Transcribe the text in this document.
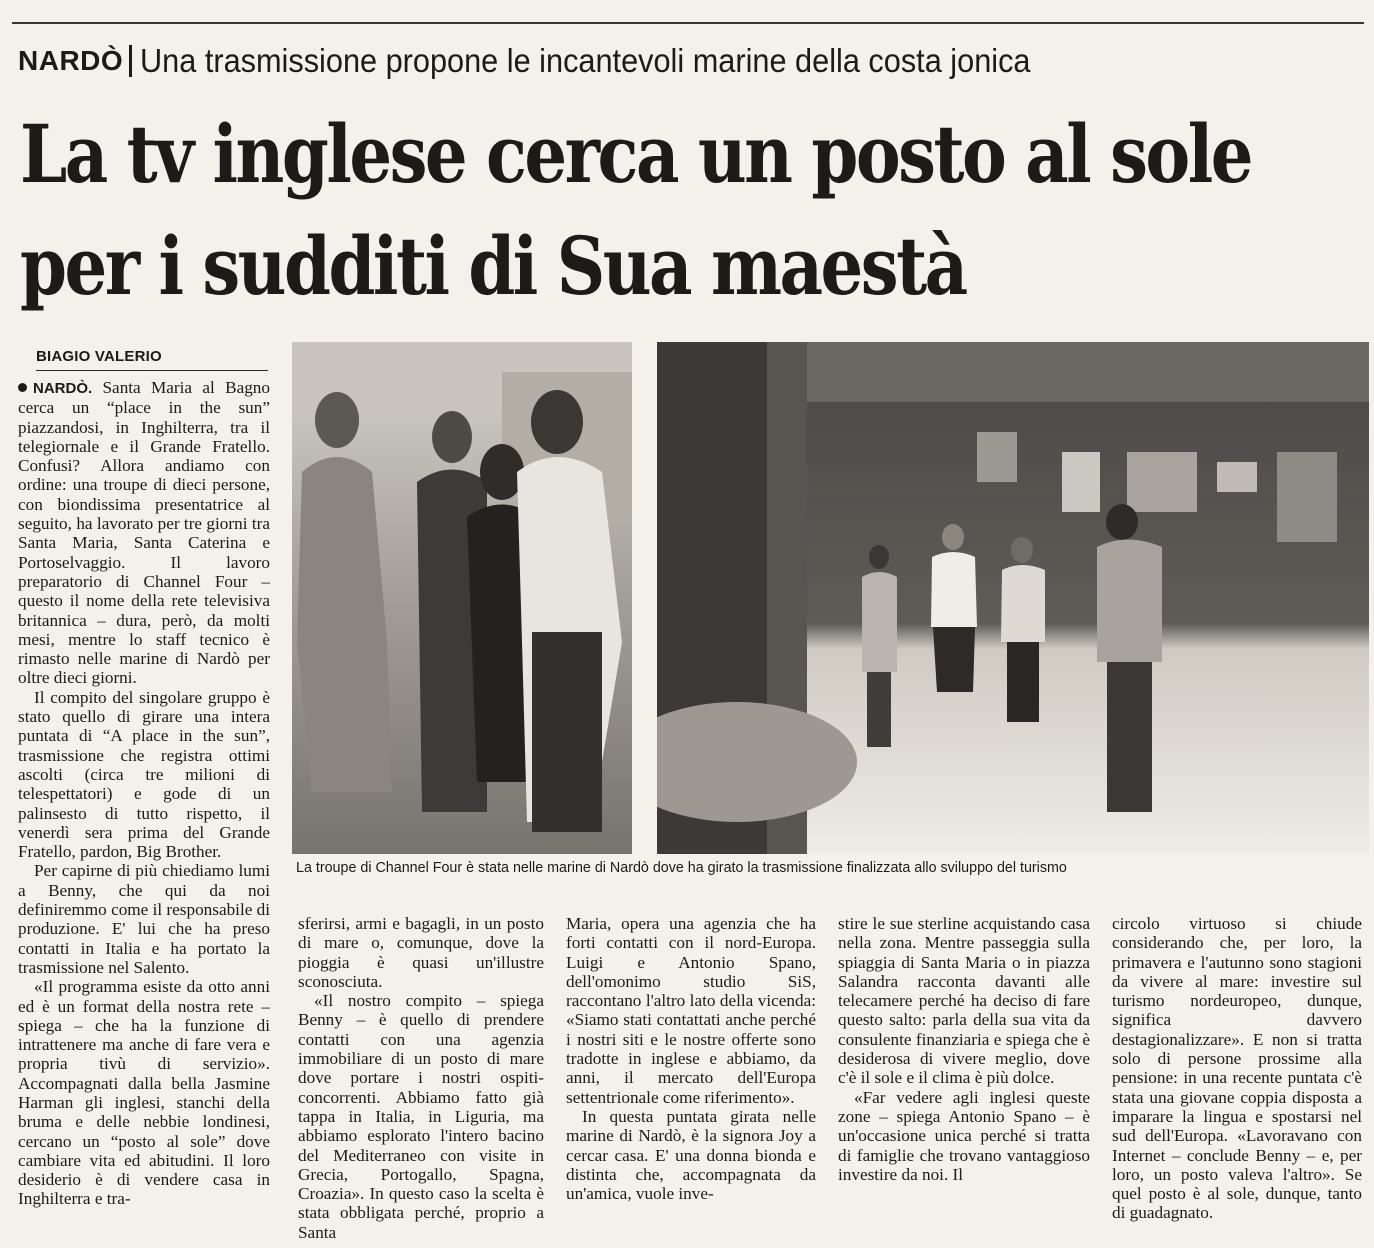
NARDÒ Una trasmissione propone le incantevoli marine della costa jonica
La tv inglese cerca un posto al sole
per i sudditi di Sua maestà
BIAGIO VALERIO

NARDÒ. Santa Maria al Bagno cerca un “place in the sun” piazzandosi, in Inghilterra, tra il telegiornale e il Grande Fratello. Confusi? Allora andiamo con ordine: una troupe di dieci persone, con biondissima presentatrice al seguito, ha lavorato per tre giorni tra Santa Maria, Santa Caterina e Portoselvaggio. Il lavoro preparatorio di Channel Four – questo il nome della rete televisiva britannica – dura, però, da molti mesi, mentre lo staff tecnico è rimasto nelle marine di Nardò per oltre dieci giorni.

Il compito del singolare gruppo è stato quello di girare una intera puntata di “A place in the sun”, trasmissione che registra ottimi ascolti (circa tre milioni di telespettatori) e gode di un palinsesto di tutto rispetto, il venerdì sera prima del Grande Fratello, pardon, Big Brother.

Per capirne di più chiediamo lumi a Benny, che qui da noi definiremmo come il responsabile di produzione. E' lui che ha preso contatti in Italia e ha portato la trasmissione nel Salento.

«Il programma esiste da otto anni ed è un format della nostra rete – spiega – che ha la funzione di intrattenere ma anche di fare vera e propria tivù di servizio». Accompagnati dalla bella Jasmine Harman gli inglesi, stanchi della bruma e delle nebbie londinesi, cercano un “posto al sole” dove cambiare vita ed abitudini. Il loro desiderio è di vendere casa in Inghilterra e tra-

La troupe di Channel Four è stata nelle marine di Nardò dove ha girato la trasmissione finalizzata allo sviluppo del turismo

sferirsi, armi e bagagli, in un posto di mare o, comunque, dove la pioggia è quasi un'illustre sconosciuta.

«Il nostro compito – spiega Benny – è quello di prendere contatti con una agenzia immobiliare di un posto di mare dove portare i nostri ospiti-concorrenti. Abbiamo fatto già tappa in Italia, in Liguria, ma abbiamo esplorato l'intero bacino del Mediterraneo con visite in Grecia, Portogallo, Spagna, Croazia». In questo caso la scelta è stata obbligata perché, proprio a Santa

Maria, opera una agenzia che ha forti contatti con il nord-Europa. Luigi e Antonio Spano, dell'omonimo studio SiS, raccontano l'altro lato della vicenda: «Siamo stati contattati anche perché i nostri siti e le nostre offerte sono tradotte in inglese e abbiamo, da anni, il mercato dell'Europa settentrionale come riferimento».

In questa puntata girata nelle marine di Nardò, è la signora Joy a cercar casa. E' una donna bionda e distinta che, accompagnata da un'amica, vuole inve-

stire le sue sterline acquistando casa nella zona. Mentre passeggia sulla spiaggia di Santa Maria o in piazza Salandra racconta davanti alle telecamere perché ha deciso di fare questo salto: parla della sua vita da consulente finanziaria e spiega che è desiderosa di vivere meglio, dove c'è il sole e il clima è più dolce.

«Far vedere agli inglesi queste zone – spiega Antonio Spano – è un'occasione unica perché si tratta di famiglie che trovano vantaggioso investire da noi. Il

circolo virtuoso si chiude considerando che, per loro, la primavera e l'autunno sono stagioni da vivere al mare: investire sul turismo nordeuropeo, dunque, significa davvero destagionalizzare». E non si tratta solo di persone prossime alla pensione: in una recente puntata c'è stata una giovane coppia disposta a imparare la lingua e spostarsi nel sud dell'Europa. «Lavoravano con Internet – conclude Benny – e, per loro, un posto valeva l'altro». Se quel posto è al sole, dunque, tanto di guadagnato.
